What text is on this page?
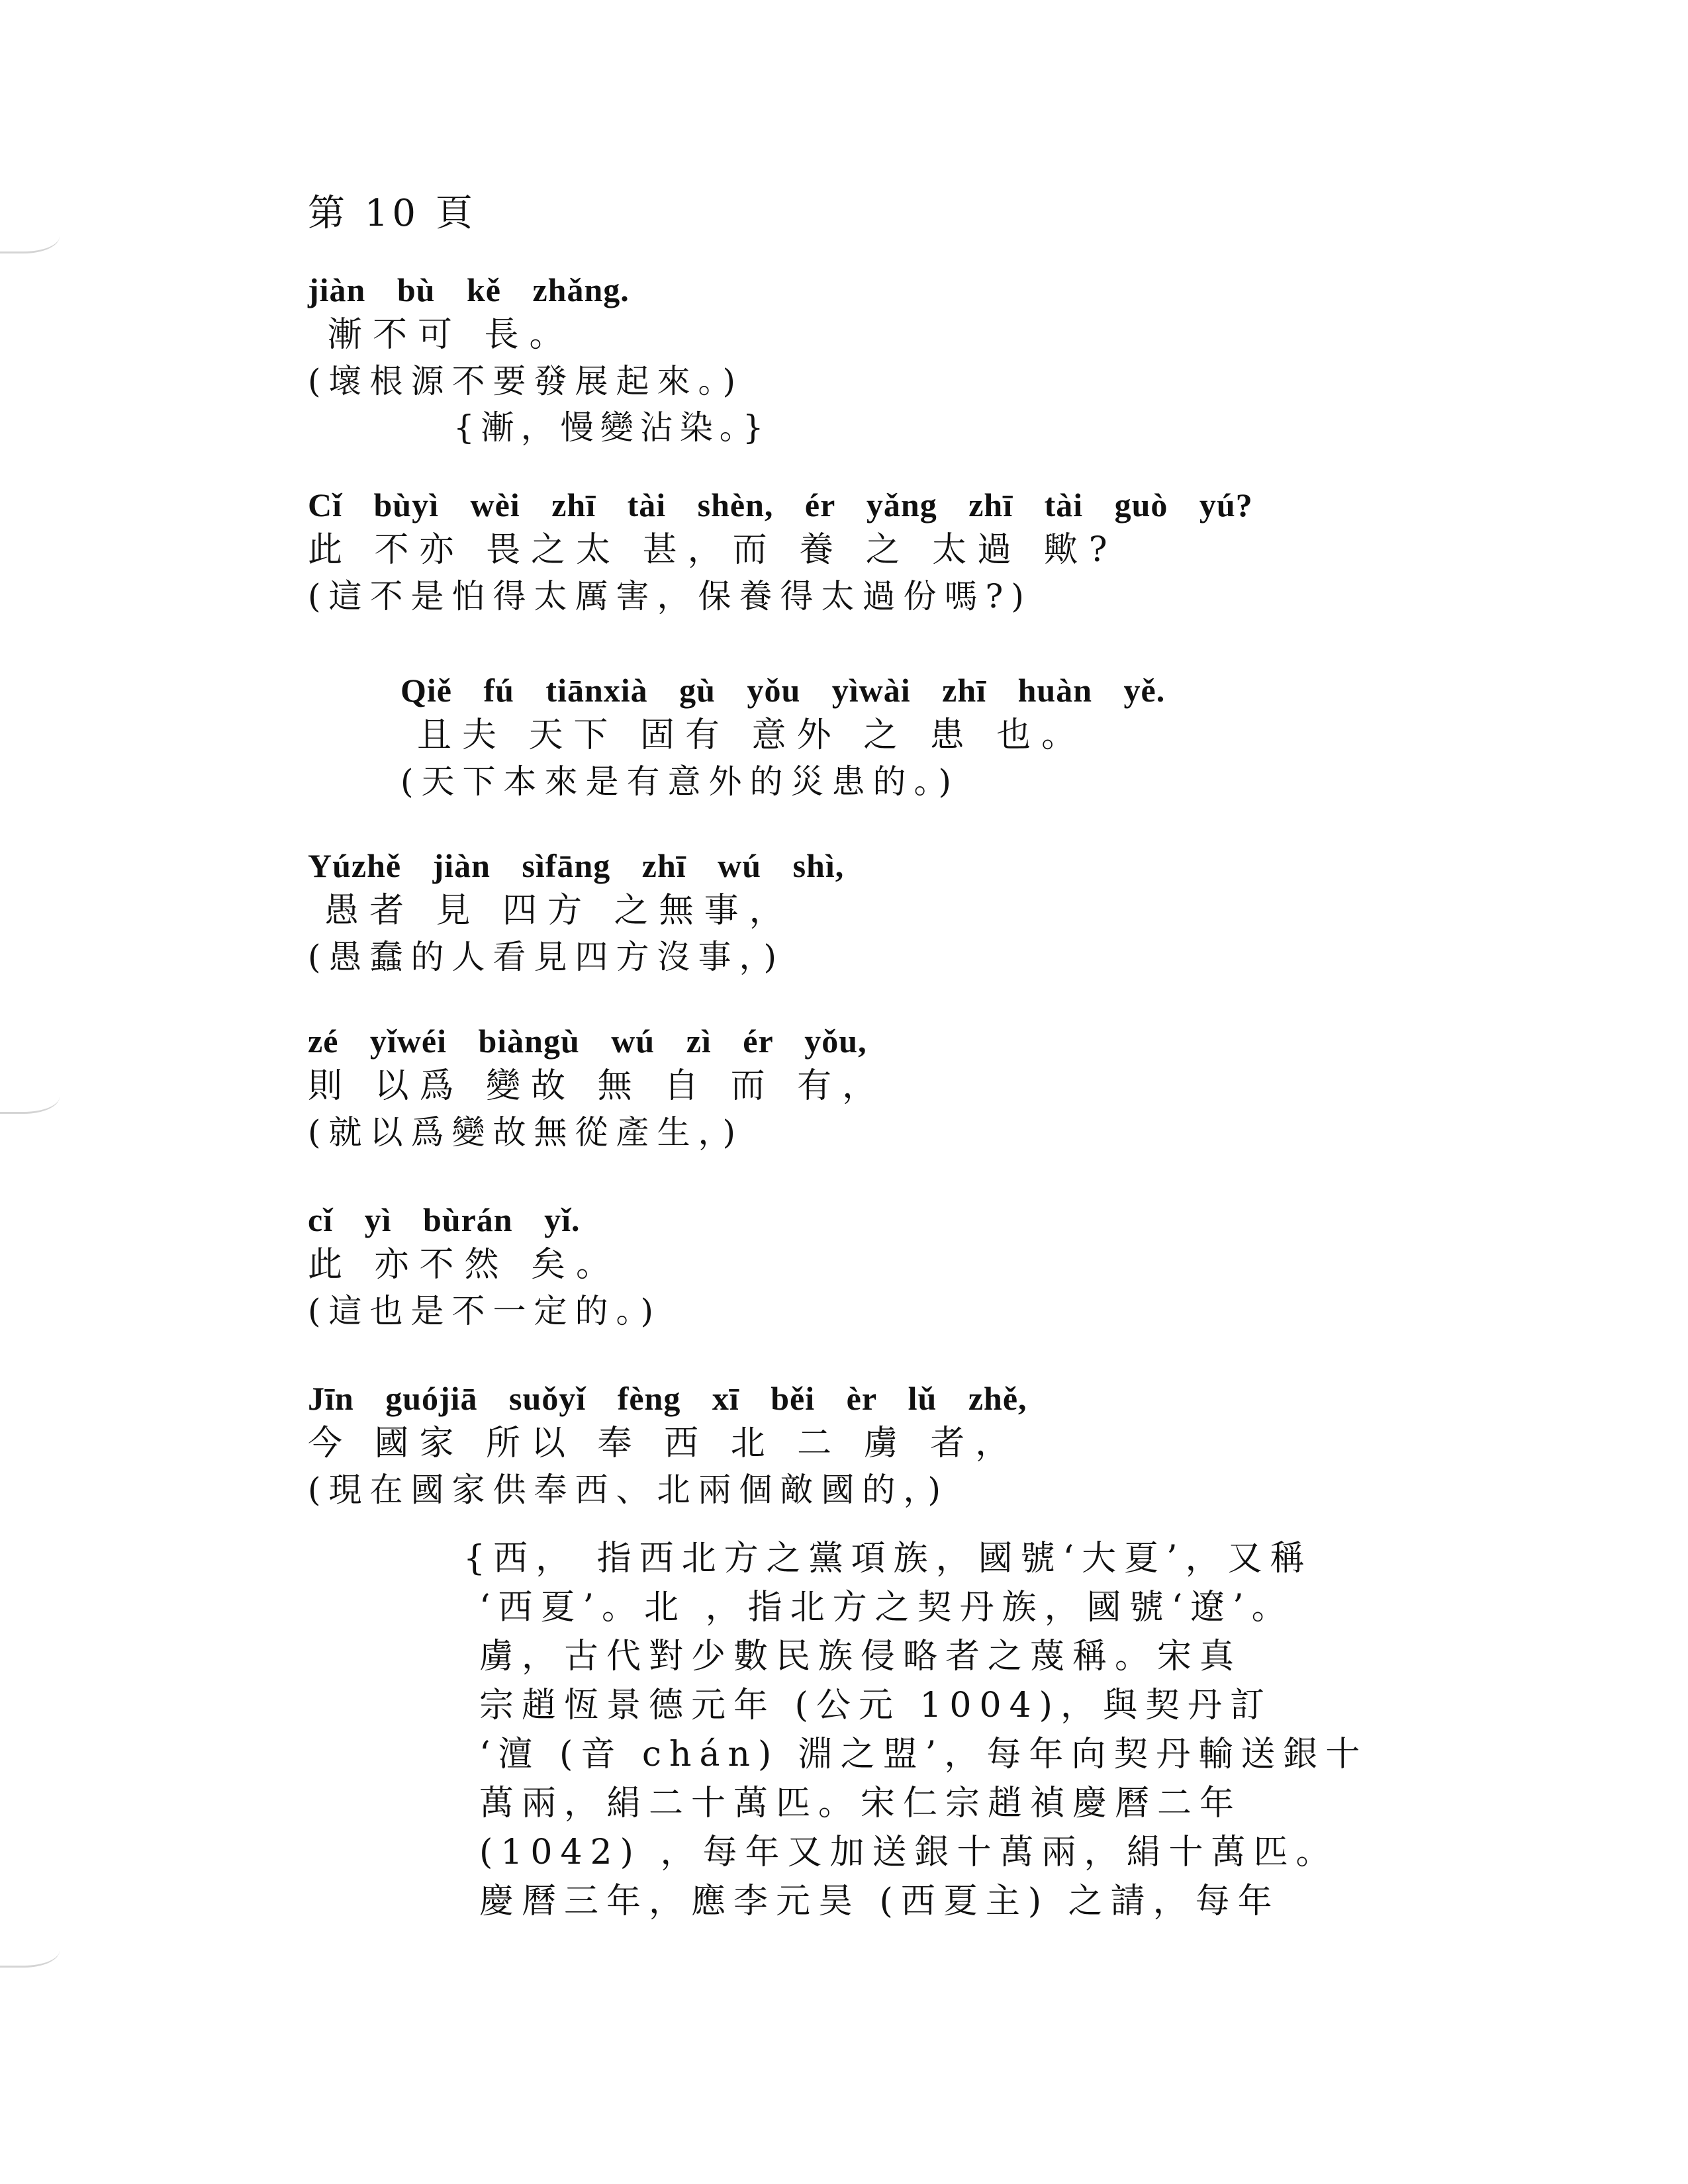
第 10 頁
jiàn bù kě zhǎng.
漸不可 長。
(壞根源不要發展起來。)
{漸，慢變沾染。}
Cǐ bùyì wèi zhī tài shèn, ér yǎng zhī tài guò yú?
此 不亦 畏之太 甚，而 養 之 太過 歟?
(這不是怕得太厲害，保養得太過份嗎?)
Qiě fú tiānxià gù yǒu yìwài zhī huàn yě.
且夫 天下 固有 意外 之 患 也。
(天下本來是有意外的災患的。)
Yúzhě jiàn sìfāng zhī wú shì,
愚者 見 四方 之無事，
(愚蠢的人看見四方沒事，)
zé yǐwéi biàngù wú zì ér yǒu,
則 以爲 變故 無 自 而 有，
(就以爲變故無從產生，)
cǐ yì bùrán yǐ.
此 亦不然 矣。
(這也是不一定的。)
Jīn guójiā suǒyǐ fèng xī běi èr lǔ zhě,
今 國家 所以 奉 西 北 二 虜 者，
(現在國家供奉西、北兩個敵國的，)
{西， 指西北方之黨項族，國號‘大夏’，又稱
‘西夏’。北 ，指北方之契丹族，國號‘遼’。
虜，古代對少數民族侵略者之蔑稱。宋真
宗趙恆景德元年 (公元 1004)，與契丹訂
‘澶 (音 chán) 淵之盟’，每年向契丹輸送銀十
萬兩，絹二十萬匹。宋仁宗趙禎慶曆二年
(1042) ，每年又加送銀十萬兩，絹十萬匹。
慶曆三年，應李元昊 (西夏主) 之請，每年
